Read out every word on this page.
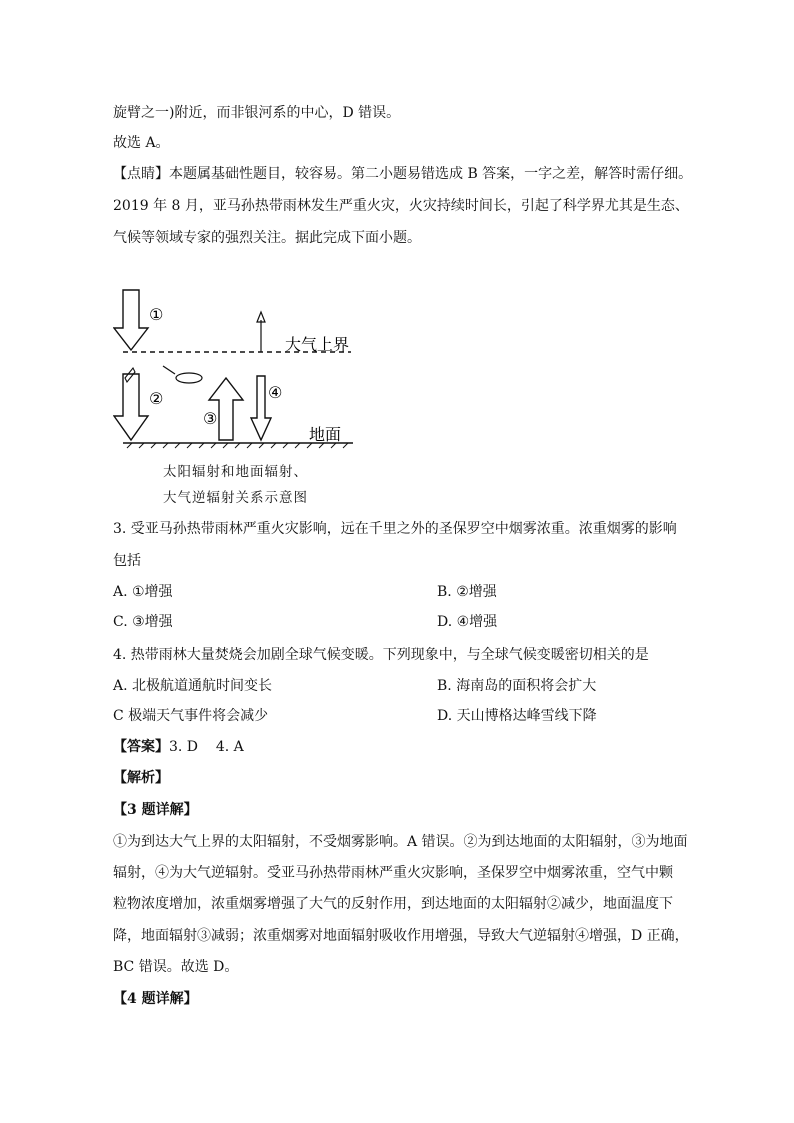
旋臂之一)附近，而非银河系的中心，D 错误。
故选 A。
【点睛】本题属基础性题目，较容易。第二小题易错选成 B 答案，一字之差，解答时需仔细。
2019 年 8 月，亚马孙热带雨林发生严重火灾，火灾持续时间长，引起了科学界尤其是生态、
气候等领域专家的强烈关注。据此完成下面小题。
①
②
③
④
大气上界
地面
太阳辐射和地面辐射、
大气逆辐射关系示意图
3. 受亚马孙热带雨林严重火灾影响，远在千里之外的圣保罗空中烟雾浓重。浓重烟雾的影响
包括
A. ①增强	B. ②增强
C. ③增强	D. ④增强
4. 热带雨林大量焚烧会加剧全球气候变暖。下列现象中，与全球气候变暖密切相关的是
A. 北极航道通航时间变长	B. 海南岛的面积将会扩大
C 极端天气事件将会减少	D. 天山博格达峰雪线下降
【答案】3. D    4. A
【解析】
【3 题详解】
①为到达大气上界的太阳辐射，不受烟雾影响。A 错误。②为到达地面的太阳辐射，③为地面
辐射，④为大气逆辐射。受亚马孙热带雨林严重火灾影响，圣保罗空中烟雾浓重，空气中颗
粒物浓度增加，浓重烟雾增强了大气的反射作用，到达地面的太阳辐射②减少，地面温度下
降，地面辐射③减弱；浓重烟雾对地面辐射吸收作用增强，导致大气逆辐射④增强，D 正确，
BC 错误。故选 D。
【4 题详解】
